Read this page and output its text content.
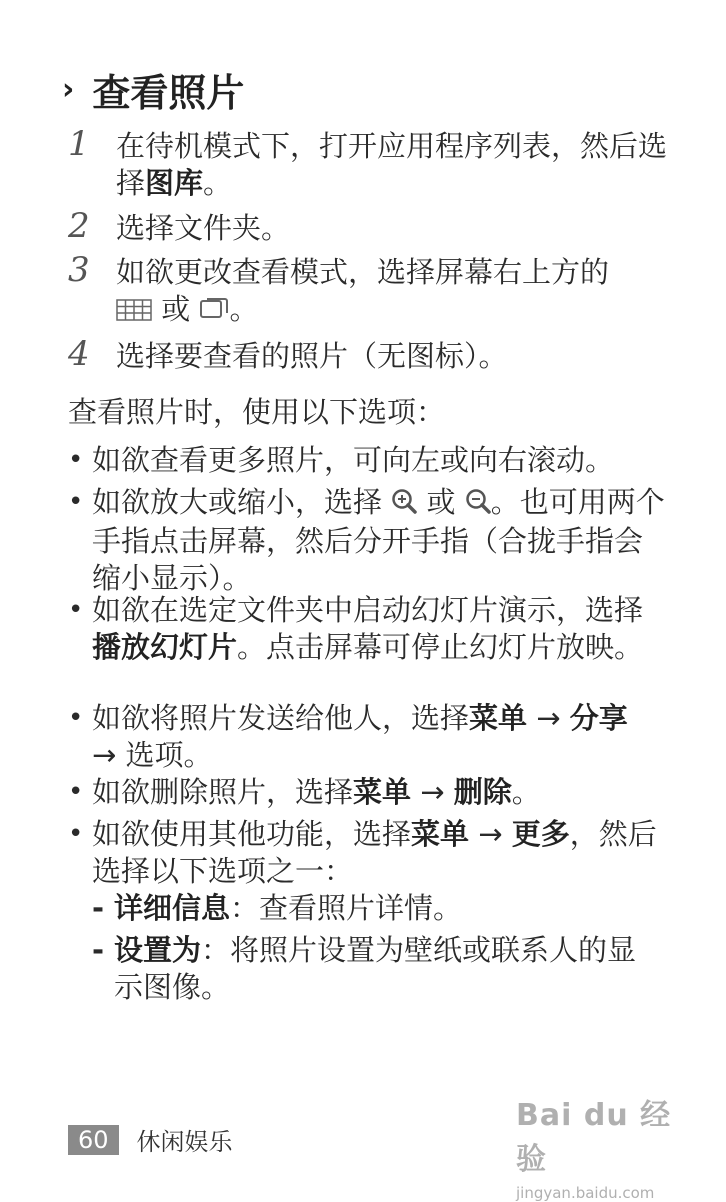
› 查看照片
1 在待机模式下，打开应用程序列表，然后选择图库。
2 选择文件夹。
3 如欲更改查看模式，选择屏幕右上方的
或 。
4 选择要查看的照片（无图标）。
查看照片时，使用以下选项：
• 如欲查看更多照片，可向左或向右滚动。
• 如欲放大或缩小，选择 或 。也可用两个手指点击屏幕，然后分开手指（合拢手指会缩小显示）。
• 如欲在选定文件夹中启动幻灯片演示，选择播放幻灯片。点击屏幕可停止幻灯片放映。
• 如欲将照片发送给他人，选择菜单 → 分享
→ 选项。
• 如欲删除照片，选择菜单 → 删除。
• 如欲使用其他功能，选择菜单 → 更多，然后选择以下选项之一：
- 详细信息：查看照片详情。
- 设置为：将照片设置为壁纸或联系人的显示图像。
60	休闲娱乐
Bai du 经验
jingyan.baidu.com
